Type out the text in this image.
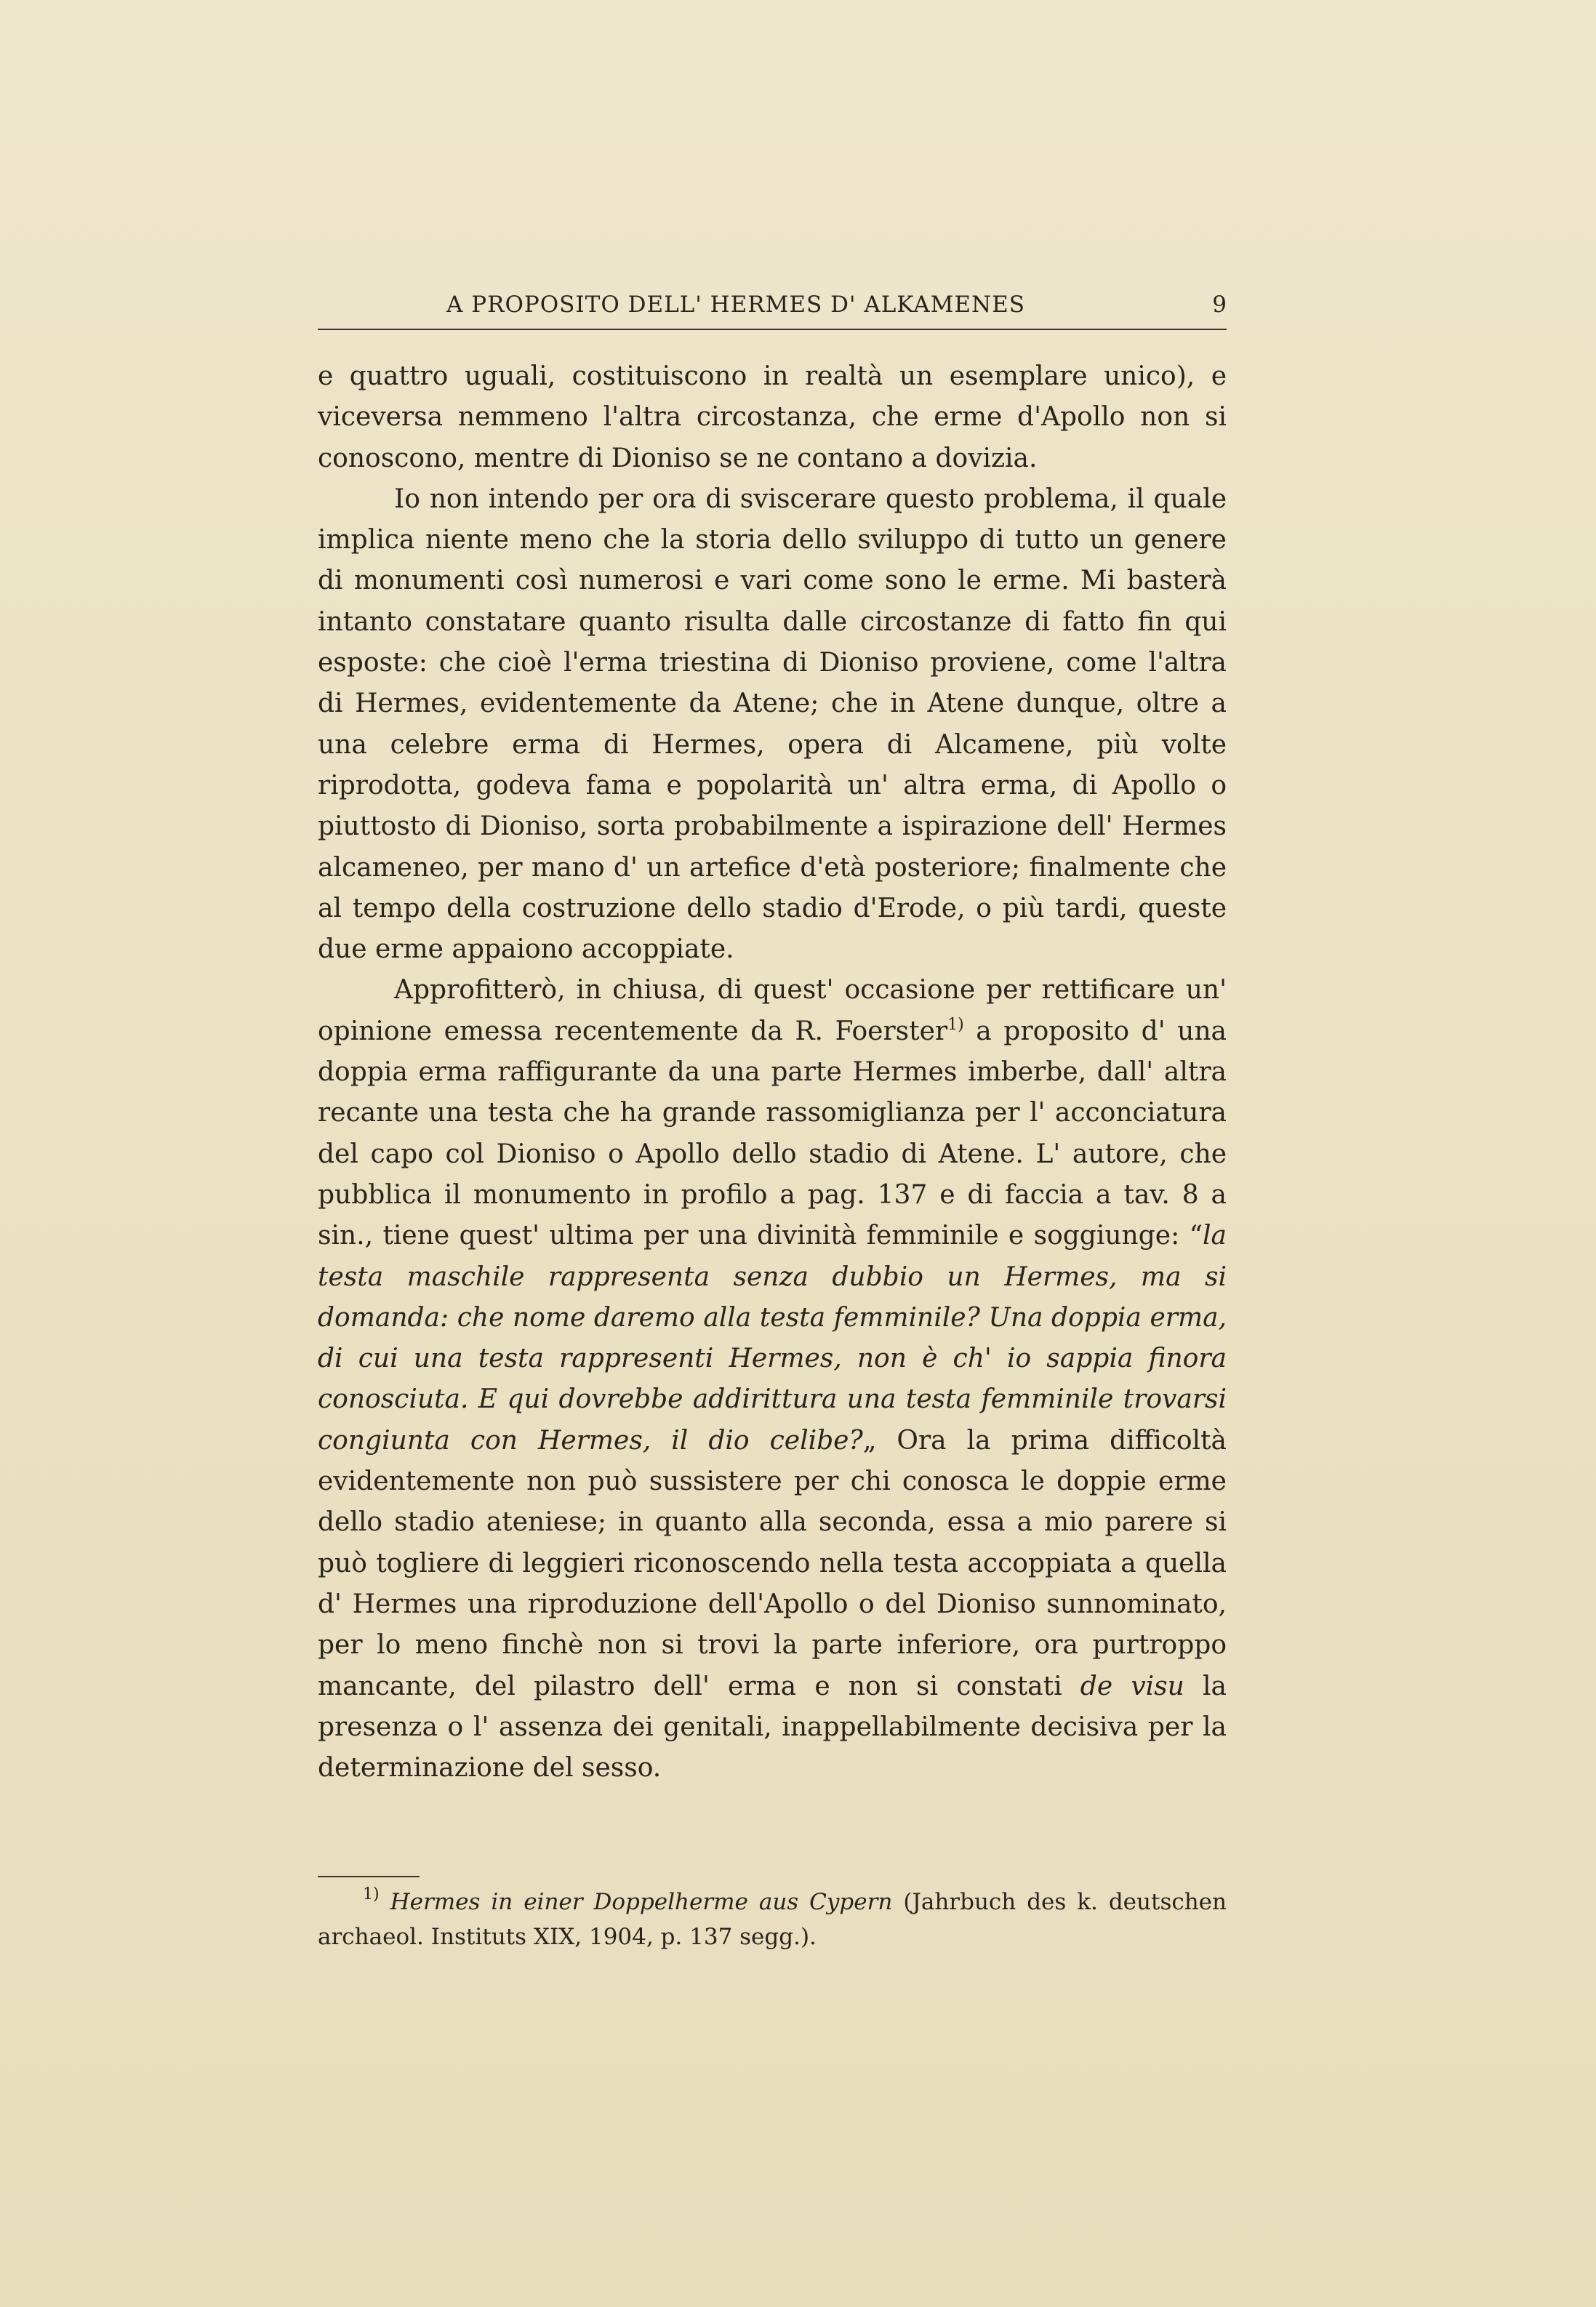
A PROPOSITO DELL' HERMES D' ALKAMENES	9

e quattro uguali, costituiscono in realtà un esemplare unico), e viceversa nemmeno l'altra circostanza, che erme d'Apollo non si conoscono, mentre di Dioniso se ne contano a dovizia.

Io non intendo per ora di sviscerare questo problema, il quale implica niente meno che la storia dello sviluppo di tutto un genere di monumenti così numerosi e vari come sono le erme. Mi basterà intanto constatare quanto risulta dalle circostanze di fatto fin qui esposte: che cioè l'erma triestina di Dioniso proviene, come l'altra di Hermes, evidentemente da Atene; che in Atene dunque, oltre a una celebre erma di Hermes, opera di Alcamene, più volte riprodotta, godeva fama e popolarità un' altra erma, di Apollo o piuttosto di Dioniso, sorta probabilmente a ispirazione dell' Hermes alcameneo, per mano d' un artefice d'età posteriore; finalmente che al tempo della costruzione dello stadio d'Erode, o più tardi, queste due erme appaiono accoppiate.

Approfitterò, in chiusa, di quest' occasione per rettificare un' opinione emessa recentemente da R. Foerster$^{1)}$ a proposito d' una doppia erma raffigurante da una parte Hermes imberbe, dall' altra recante una testa che ha grande rassomiglianza per l' acconciatura del capo col Dioniso o Apollo dello stadio di Atene. L' autore, che pubblica il monumento in profilo a pag. 137 e di faccia a tav. 8 a sin., tiene quest' ultima per una divinità femminile e soggiunge: “la testa maschile rappresenta senza dubbio un Hermes, ma si domanda: che nome daremo alla testa femminile? Una doppia erma, di cui una testa rappresenti Hermes, non è ch' io sappia finora conosciuta. E qui dovrebbe addirittura una testa femminile trovarsi congiunta con Hermes, il dio celibe?„ Ora la prima difficoltà evidentemente non può sussistere per chi conosca le doppie erme dello stadio ateniese; in quanto alla seconda, essa a mio parere si può togliere di leggieri riconoscendo nella testa accoppiata a quella d' Hermes una riproduzione dell'Apollo o del Dioniso sunnominato, per lo meno finchè non si trovi la parte inferiore, ora purtroppo mancante, del pilastro dell' erma e non si constati de visu la presenza o l' assenza dei genitali, inappellabilmente decisiva per la determinazione del sesso.

$^{1)}$ Hermes in einer Doppelherme aus Cypern (Jahrbuch des k. deutschen archaeol. Instituts XIX, 1904, p. 137 segg.).
